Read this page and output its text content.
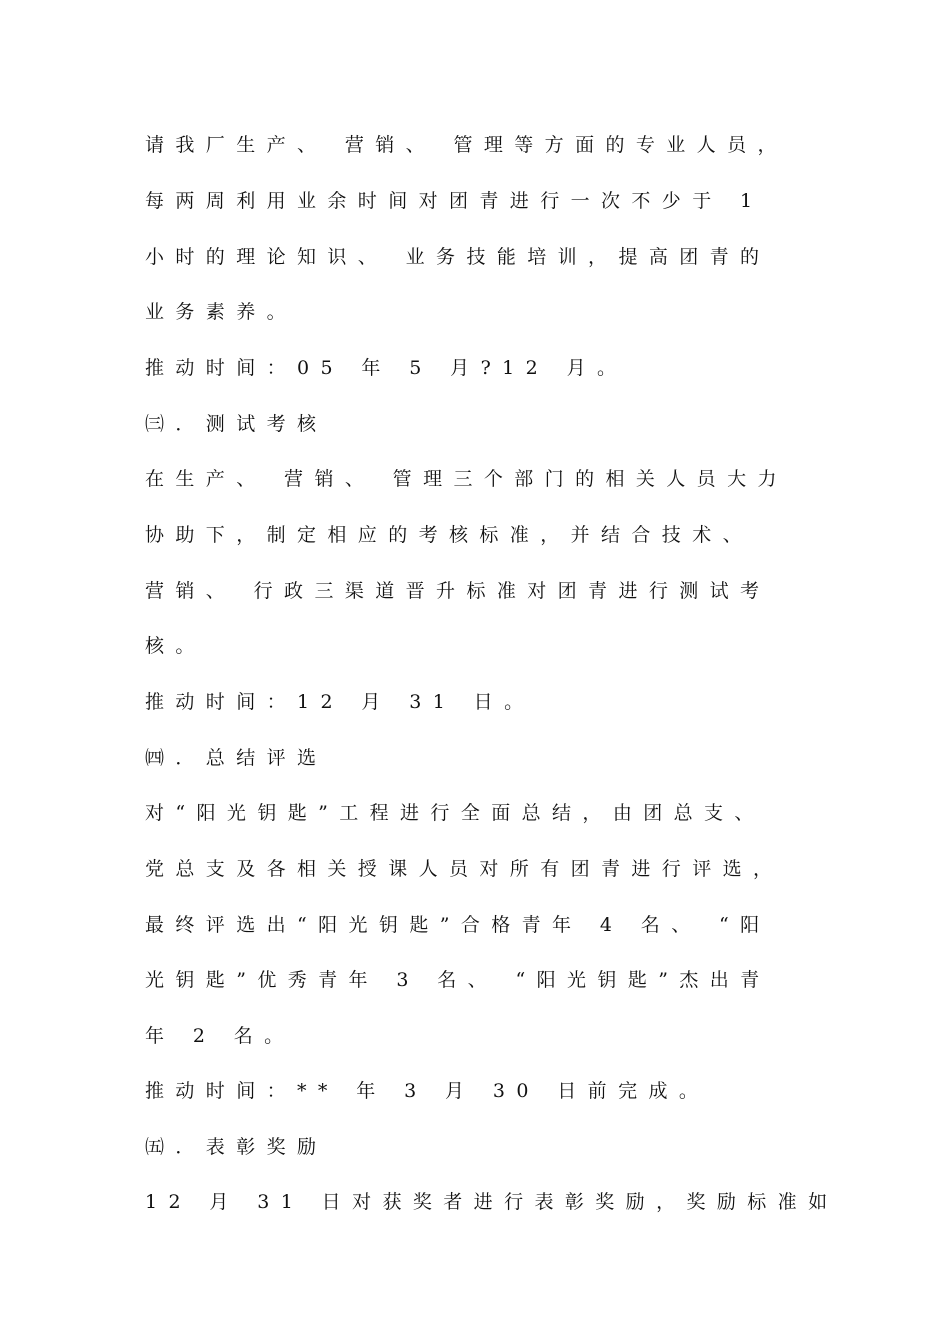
请我厂生产、 营销、 管理等方面的专业人员，
每两周利用业余时间对团青进行一次不少于 1
小时的理论知识、 业务技能培训，提高团青的
业务素养。
推动时间：05 年 5 月?12 月。
㈢．测试考核
在生产、 营销、 管理三个部门的相关人员大力
协助下，制定相应的考核标准，并结合技术、
营销、 行政三渠道晋升标准对团青进行测试考
核。
推动时间：12 月 31 日。
㈣．总结评选
对“阳光钥匙”工程进行全面总结，由团总支、
党总支及各相关授课人员对所有团青进行评选，
最终评选出“阳光钥匙”合格青年 4 名、 “阳
光钥匙”优秀青年 3 名、 “阳光钥匙”杰出青
年 2 名。
推动时间：** 年 3 月 30 日前完成。
㈤．表彰奖励
12 月 31 日对获奖者进行表彰奖励，奖励标准如
